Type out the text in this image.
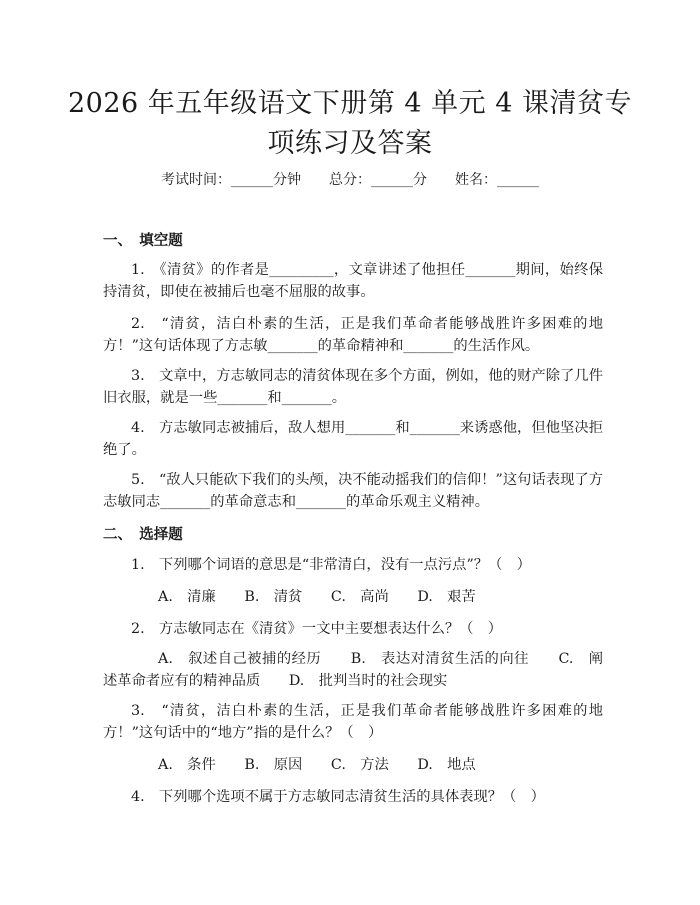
2026 年五年级语文下册第 4 单元 4 课清贫专
项练习及答案
考试时间：______分钟　　总分：______分　　姓名：______
一、　填空题
1.　《清贫》的作者是_________，文章讲述了他担任_______期间，始终保持清贫，即使在被捕后也毫不屈服的故事。
2.　“清贫，洁白朴素的生活，正是我们革命者能够战胜许多困难的地方！”这句话体现了方志敏_______的革命精神和_______的生活作风。
3.　文章中，方志敏同志的清贫体现在多个方面，例如，他的财产除了几件旧衣服，就是一些_______和_______。
4.　方志敏同志被捕后，敌人想用_______和_______来诱惑他，但他坚决拒绝了。
5.　“敌人只能砍下我们的头颅，决不能动摇我们的信仰！”这句话表现了方志敏同志_______的革命意志和_______的革命乐观主义精神。
二、　选择题
1.　下列哪个词语的意思是“非常清白，没有一点污点”？（　）
A.　清廉　　B.　清贫　　C.　高尚　　D.　艰苦
2.　方志敏同志在《清贫》一文中主要想表达什么？（　）
A.　叙述自己被捕的经历　　B.　表达对清贫生活的向往　　C.　阐述革命者应有的精神品质　　D.　批判当时的社会现实
3.　“清贫，洁白朴素的生活，正是我们革命者能够战胜许多困难的地方！”这句话中的“地方”指的是什么？（　）
A.　条件　　B.　原因　　C.　方法　　D.　地点
4.　下列哪个选项不属于方志敏同志清贫生活的具体表现？（　）
